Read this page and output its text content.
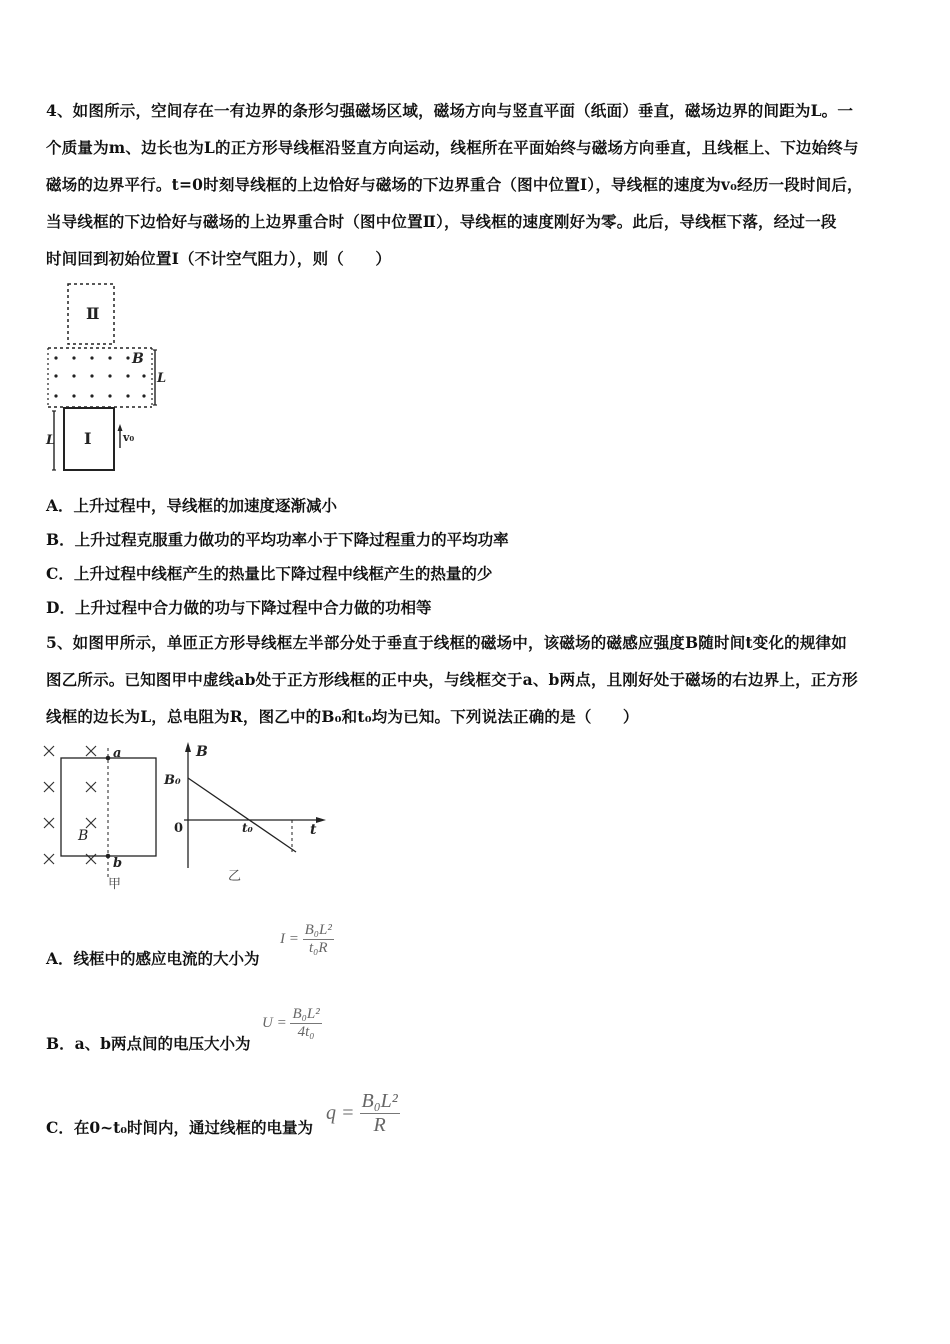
4、如图所示，空间存在一有边界的条形匀强磁场区域，磁场方向与竖直平面（纸面）垂直，磁场边界的间距为L。一
个质量为m、边长也为L的正方形导线框沿竖直方向运动，线框所在平面始终与磁场方向垂直，且线框上、下边始终与
磁场的边界平行。t=0时刻导线框的上边恰好与磁场的下边界重合（图中位置Ⅰ），导线框的速度为v₀经历一段时间后，
当导线框的下边恰好与磁场的上边界重合时（图中位置Ⅱ），导线框的速度刚好为零。此后，导线框下落，经过一段
时间回到初始位置Ⅰ（不计空气阻力），则（　　）
Ⅱ
B
L
L Ⅰ	v₀
A．上升过程中，导线框的加速度逐渐减小
B．上升过程克服重力做功的平均功率小于下降过程重力的平均功率
C．上升过程中线框产生的热量比下降过程中线框产生的热量的少
D．上升过程中合力做的功与下降过程中合力做的功相等
5、如图甲所示，单匝正方形导线框左半部分处于垂直于线框的磁场中，该磁场的磁感应强度B随时间t变化的规律如
图乙所示。已知图甲中虚线ab处于正方形线框的正中央，与线框交于a、b两点，且刚好处于磁场的右边界上，正方形
线框的边长为L，总电阻为R，图乙中的B₀和t₀均为已知。下列说法正确的是（　　）
a
b
B
甲
B
t
B₀
0	t₀
乙
A．线框中的感应电流的大小为
$I = \frac{\text{B₀L²}}{\text{t₀R}}$
B．a、b两点间的电压大小为
$U = \frac{\text{B₀L²}}{\text{4t₀}}$
C．在0~t₀时间内，通过线框的电量为
$q = \frac{\text{B₀L²}}{R}$
